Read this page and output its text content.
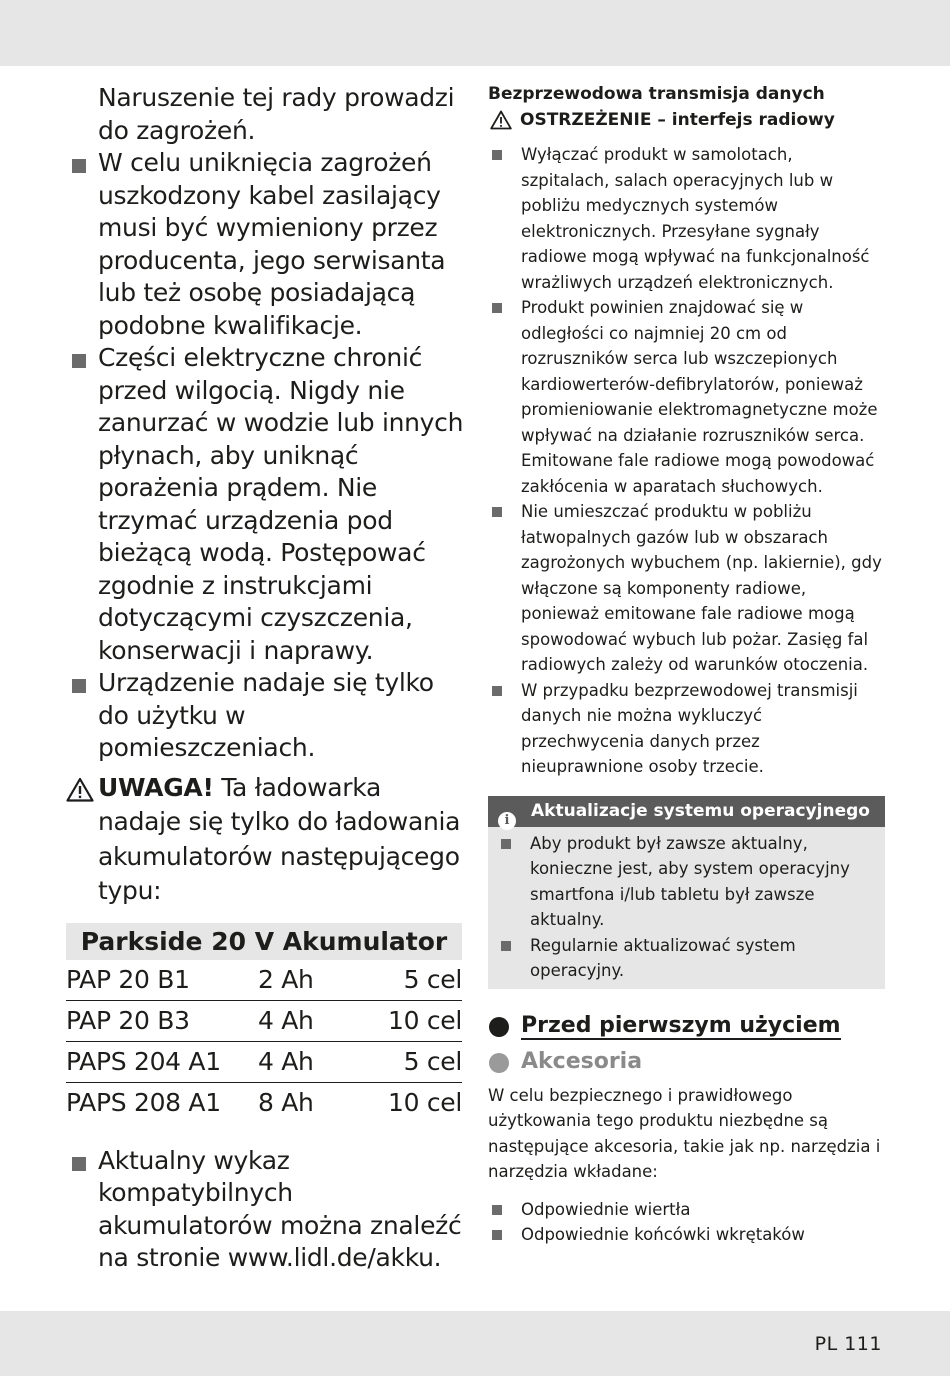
Naruszenie tej rady prowadzi do zagrożeń.
W celu uniknięcia zagrożeń uszkodzony kabel zasilający musi być wymieniony przez producenta, jego serwisanta lub też osobę posiadającą podobne kwalifikacje.
Części elektryczne chronić przed wilgocią. Nigdy nie zanurzać w wodzie lub innych płynach, aby uniknąć porażenia prądem. Nie trzymać urządzenia pod bieżącą wodą. Postępować zgodnie z instrukcjami dotyczącymi czyszczenia, konserwacji i naprawy.
Urządzenie nadaje się tylko do użytku w pomieszczeniach.
UWAGA! Ta ładowarka nadaje się tylko do ładowania akumulatorów następującego typu:
Parkside 20 V Akumulator
PAP 20 B1	2 Ah	5 cel
PAP 20 B3	4 Ah	10 cel
PAPS 204 A1	4 Ah	5 cel
PAPS 208 A1	8 Ah	10 cel
Aktualny wykaz kompatybilnych akumulatorów można znaleźć na stronie www.lidl.de/akku.
Bezprzewodowa transmisja danych
OSTRZEŻENIE – interfejs radiowy
Wyłączać produkt w samolotach, szpitalach, salach operacyjnych lub w pobliżu medycznych systemów elektronicznych. Przesyłane sygnały radiowe mogą wpływać na funkcjonalność wrażliwych urządzeń elektronicznych.
Produkt powinien znajdować się w odległości co najmniej 20 cm od rozruszników serca lub wszczepionych kardiowerterów-defibrylatorów, ponieważ promieniowanie elektromagnetyczne może wpływać na działanie rozruszników serca. Emitowane fale radiowe mogą powodować zakłócenia w aparatach słuchowych.
Nie umieszczać produktu w pobliżu łatwopalnych gazów lub w obszarach zagrożonych wybuchem (np. lakiernie), gdy włączone są komponenty radiowe, ponieważ emitowane fale radiowe mogą spowodować wybuch lub pożar. Zasięg fal radiowych zależy od warunków otoczenia.
W przypadku bezprzewodowej transmisji danych nie można wykluczyć przechwycenia danych przez nieuprawnione osoby trzecie.
i	Aktualizacje systemu operacyjnego
Aby produkt był zawsze aktualny, konieczne jest, aby system operacyjny smartfona i/lub tabletu był zawsze aktualny.
Regularnie aktualizować system operacyjny.
Przed pierwszym użyciem
Akcesoria
W celu bezpiecznego i prawidłowego użytkowania tego produktu niezbędne są następujące akcesoria, takie jak np. narzędzia i narzędzia wkładane:
Odpowiednie wiertła
Odpowiednie końcówki wkrętaków
PL 111
